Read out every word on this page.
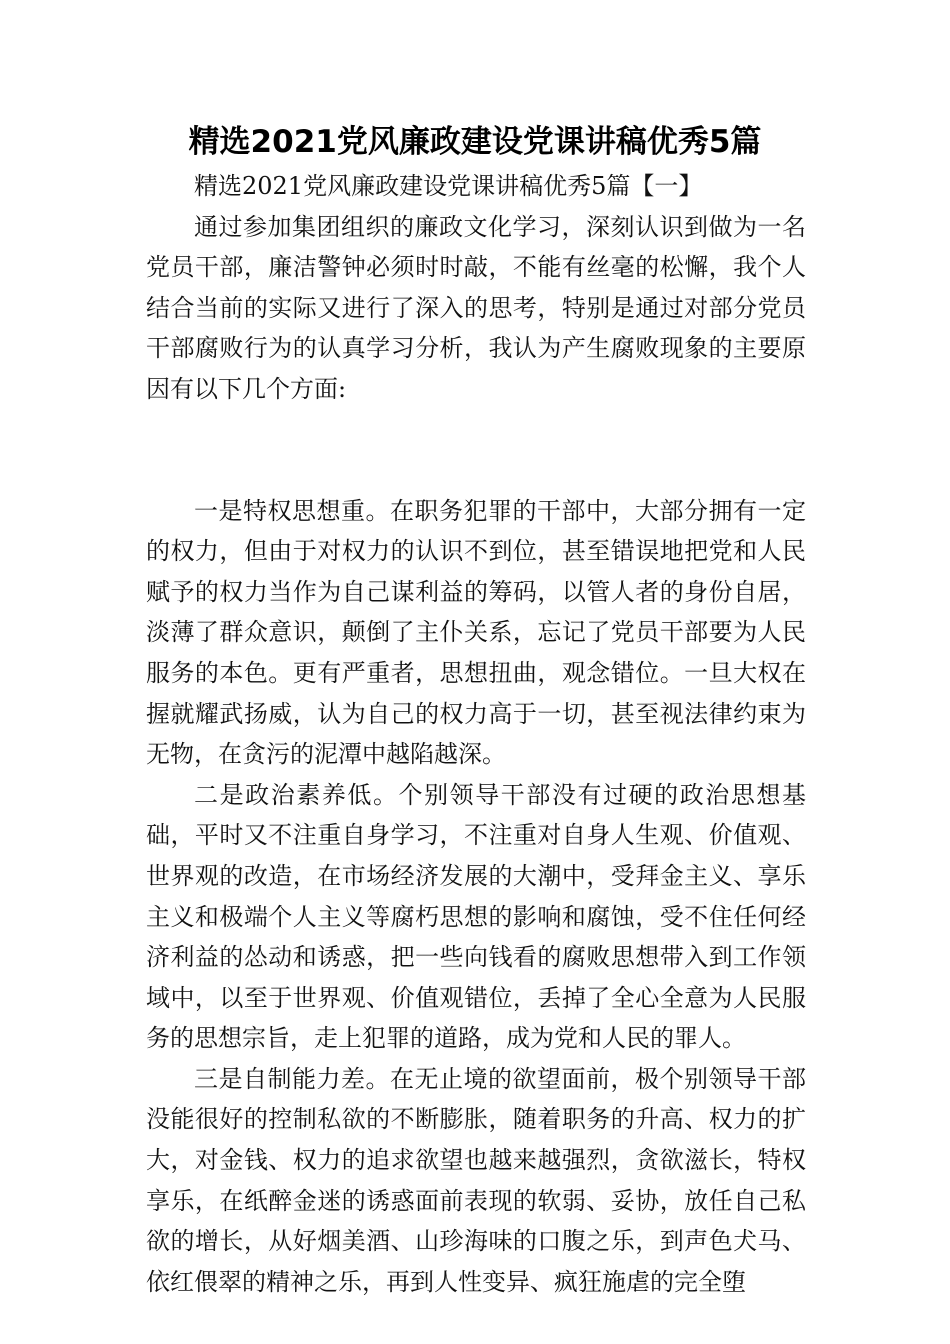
精选2021党风廉政建设党课讲稿优秀5篇

精选2021党风廉政建设党课讲稿优秀5篇【一】

通过参加集团组织的廉政文化学习，深刻认识到做为一名党员干部，廉洁警钟必须时时敲，不能有丝毫的松懈，我个人结合当前的实际又进行了深入的思考，特别是通过对部分党员干部腐败行为的认真学习分析，我认为产生腐败现象的主要原因有以下几个方面:

一是特权思想重。在职务犯罪的干部中，大部分拥有一定的权力，但由于对权力的认识不到位，甚至错误地把党和人民赋予的权力当作为自己谋利益的筹码，以管人者的身份自居，淡薄了群众意识，颠倒了主仆关系，忘记了党员干部要为人民服务的本色。更有严重者，思想扭曲，观念错位。一旦大权在握就耀武扬威，认为自己的权力高于一切，甚至视法律约束为无物，在贪污的泥潭中越陷越深。

二是政治素养低。个别领导干部没有过硬的政治思想基础，平时又不注重自身学习，不注重对自身人生观、价值观、世界观的改造，在市场经济发展的大潮中，受拜金主义、享乐主义和极端个人主义等腐朽思想的影响和腐蚀，受不住任何经济利益的怂动和诱惑，把一些向钱看的腐败思想带入到工作领域中，以至于世界观、价值观错位，丢掉了全心全意为人民服务的思想宗旨，走上犯罪的道路，成为党和人民的罪人。

三是自制能力差。在无止境的欲望面前，极个别领导干部没能很好的控制私欲的不断膨胀，随着职务的升高、权力的扩大，对金钱、权力的追求欲望也越来越强烈，贪欲滋长，特权享乐，在纸醉金迷的诱惑面前表现的软弱、妥协，放任自己私欲的增长，从好烟美酒、山珍海味的口腹之乐，到声色犬马、依红偎翠的精神之乐，再到人性变异、疯狂施虐的完全堕
